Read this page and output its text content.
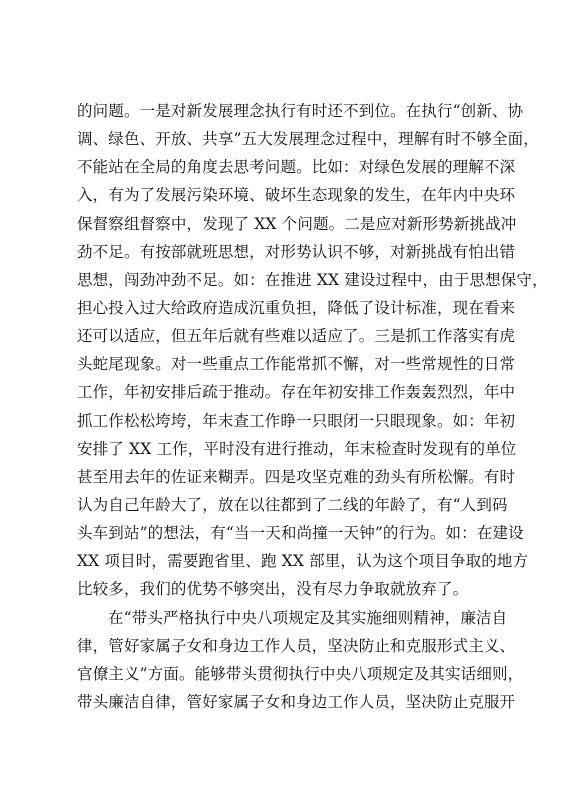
的问题。一是对新发展理念执行有时还不到位。在执行“创新、协
调、绿色、开放、共享”五大发展理念过程中，理解有时不够全面，
不能站在全局的角度去思考问题。比如：对绿色发展的理解不深
入，有为了发展污染环境、破坏生态现象的发生，在年内中央环
保督察组督察中，发现了 XX 个问题。二是应对新形势新挑战冲
劲不足。有按部就班思想，对形势认识不够，对新挑战有怕出错
思想，闯劲冲劲不足。如：在推进 XX 建设过程中，由于思想保守，
担心投入过大给政府造成沉重负担，降低了设计标准，现在看来
还可以适应，但五年后就有些难以适应了。三是抓工作落实有虎
头蛇尾现象。对一些重点工作能常抓不懈，对一些常规性的日常
工作，年初安排后疏于推动。存在年初安排工作轰轰烈烈，年中
抓工作松松垮垮，年末查工作睁一只眼闭一只眼现象。如：年初
安排了 XX 工作，平时没有进行推动，年末检查时发现有的单位
甚至用去年的佐证来糊弄。四是攻坚克难的劲头有所松懈。有时
认为自己年龄大了，放在以往都到了二线的年龄了，有“人到码
头车到站”的想法，有“当一天和尚撞一天钟”的行为。如：在建设
XX 项目时，需要跑省里、跑 XX 部里，认为这个项目争取的地方
比较多，我们的优势不够突出，没有尽力争取就放弃了。
在“带头严格执行中央八项规定及其实施细则精神，廉洁自
律，管好家属子女和身边工作人员，坚决防止和克服形式主义、
官僚主义”方面。能够带头贯彻执行中央八项规定及其实话细则，
带头廉洁自律，管好家属子女和身边工作人员，坚决防止克服开
